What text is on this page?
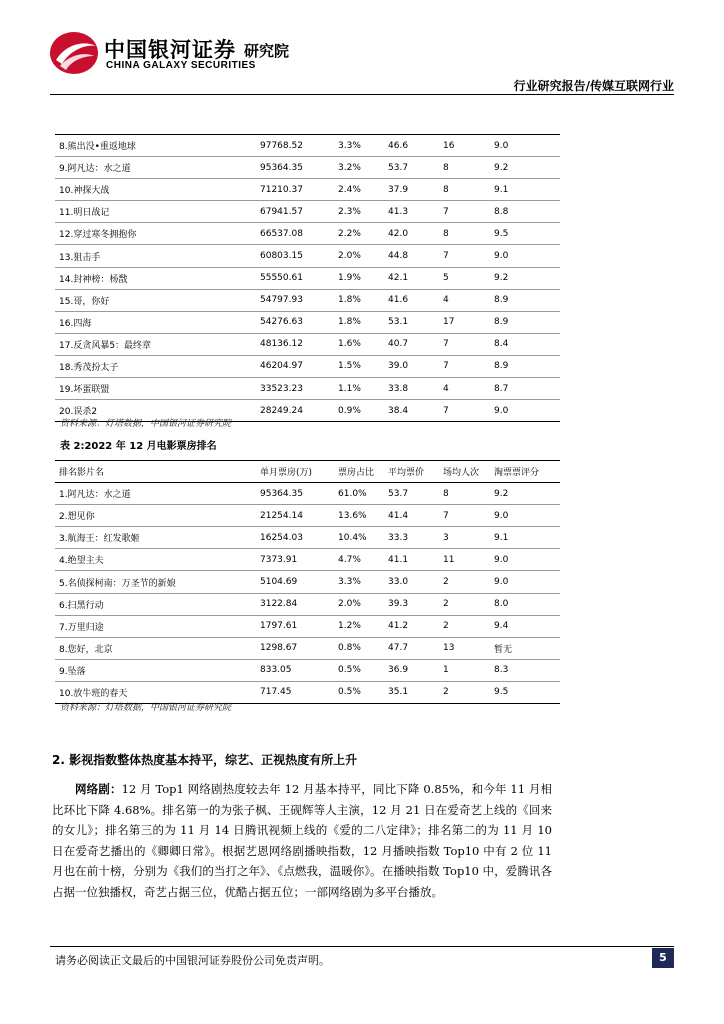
中国银河证券
CHINA GALAXY SECURITIES
研究院
行业研究报告/传媒互联网行业
8.熊出没•重返地球	97768.52	3.3%	46.6	16	9.0
9.阿凡达：水之道	95364.35	3.2%	53.7	8	9.2
10.神探大战	71210.37	2.4%	37.9	8	9.1
11.明日战记	67941.57	2.3%	41.3	7	8.8
12.穿过寒冬拥抱你	66537.08	2.2%	42.0	8	9.5
13.狙击手	60803.15	2.0%	44.8	7	9.0
14.封神榜：杨戬	55550.61	1.9%	42.1	5	9.2
15.哥，你好	54797.93	1.8%	41.6	4	8.9
16.四海	54276.63	1.8%	53.1	17	8.9
17.反贪风暴5：最终章	48136.12	1.6%	40.7	7	8.4
18.秀茂扮太子	46204.97	1.5%	39.0	7	8.9
19.坏蛋联盟	33523.23	1.1%	33.8	4	8.7
20.误杀2	28249.24	0.9%	38.4	7	9.0
资料来源：灯塔数据，中国银河证券研究院
表 2:2022 年 12 月电影票房排名
排名影片名	单月票房(万)	票房占比	平均票价	场均人次	淘票票评分
1.阿凡达：水之道	95364.35	61.0%	53.7	8	9.2
2.想见你	21254.14	13.6%	41.4	7	9.0
3.航海王：红发歌姬	16254.03	10.4%	33.3	3	9.1
4.绝望主夫	7373.91	4.7%	41.1	11	9.0
5.名侦探柯南：万圣节的新娘	5104.69	3.3%	33.0	2	9.0
6.扫黑行动	3122.84	2.0%	39.3	2	8.0
7.万里归途	1797.61	1.2%	41.2	2	9.4
8.您好，北京	1298.67	0.8%	47.7	13	暂无
9.坠落	833.05	0.5%	36.9	1	8.3
10.放牛班的春天	717.45	0.5%	35.1	2	9.5
资料来源：灯塔数据，中国银河证券研究院
2. 影视指数整体热度基本持平，综艺、正视热度有所上升
网络剧：12 月 Top1 网络剧热度较去年 12 月基本持平，同比下降 0.85%，和今年 11 月相比环比下降 4.68%。排名第一的为张子枫、王砚辉等人主演，12 月 21 日在爱奇艺上线的《回来的女儿》；排名第三的为 11 月 14 日腾讯视频上线的《爱的二八定律》；排名第二的为 11 月 10 日在爱奇艺播出的《卿卿日常》。根据艺恩网络剧播映指数，12 月播映指数 Top10 中有 2 位 11 月也在前十榜，分别为《我们的当打之年》、《点燃我，温暖你》。在播映指数 Top10 中，爱腾讯各占据一位独播权，奇艺占据三位，优酷占据五位；一部网络剧为多平台播放。
请务必阅读正文最后的中国银河证券股份公司免责声明。	5
